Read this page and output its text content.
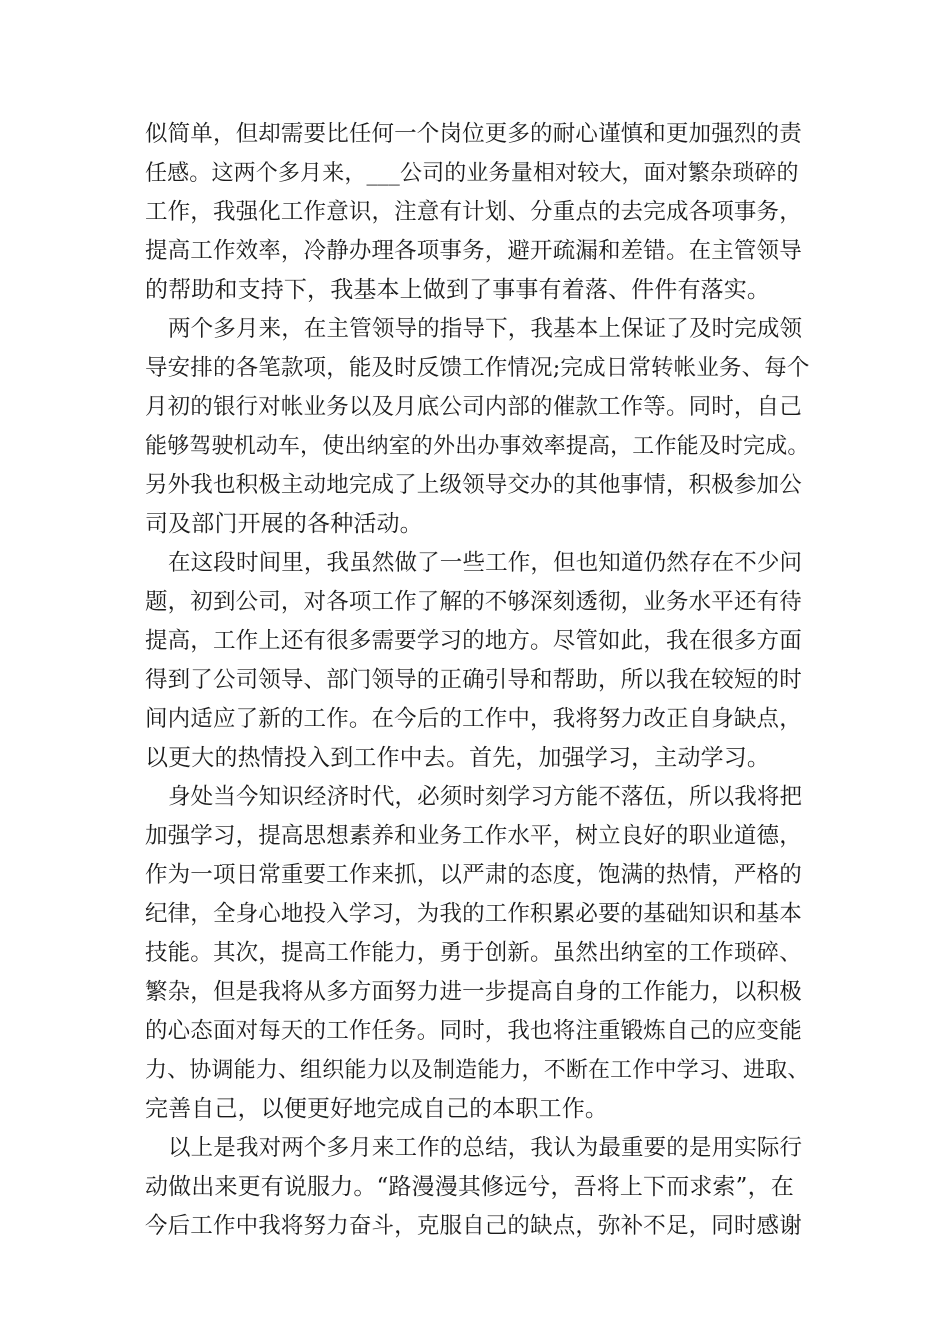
似简单，但却需要比任何一个岗位更多的耐心谨慎和更加强烈的责
任感。这两个多月来，___公司的业务量相对较大，面对繁杂琐碎的
工作，我强化工作意识，注意有计划、分重点的去完成各项事务，
提高工作效率，冷静办理各项事务，避开疏漏和差错。在主管领导
的帮助和支持下，我基本上做到了事事有着落、件件有落实。
两个多月来，在主管领导的指导下，我基本上保证了及时完成领
导安排的各笔款项，能及时反馈工作情况;完成日常转帐业务、每个
月初的银行对帐业务以及月底公司内部的催款工作等。同时，自己
能够驾驶机动车，使出纳室的外出办事效率提高，工作能及时完成。
另外我也积极主动地完成了上级领导交办的其他事情，积极参加公
司及部门开展的各种活动。
在这段时间里，我虽然做了一些工作，但也知道仍然存在不少问
题，初到公司，对各项工作了解的不够深刻透彻，业务水平还有待
提高，工作上还有很多需要学习的地方。尽管如此，我在很多方面
得到了公司领导、部门领导的正确引导和帮助，所以我在较短的时
间内适应了新的工作。在今后的工作中，我将努力改正自身缺点，
以更大的热情投入到工作中去。首先，加强学习，主动学习。
身处当今知识经济时代，必须时刻学习方能不落伍，所以我将把
加强学习，提高思想素养和业务工作水平，树立良好的职业道德，
作为一项日常重要工作来抓，以严肃的态度，饱满的热情，严格的
纪律，全身心地投入学习，为我的工作积累必要的基础知识和基本
技能。其次，提高工作能力，勇于创新。虽然出纳室的工作琐碎、
繁杂，但是我将从多方面努力进一步提高自身的工作能力，以积极
的心态面对每天的工作任务。同时，我也将注重锻炼自己的应变能
力、协调能力、组织能力以及制造能力，不断在工作中学习、进取、
完善自己，以便更好地完成自己的本职工作。
以上是我对两个多月来工作的总结，我认为最重要的是用实际行
动做出来更有说服力。“路漫漫其修远兮，吾将上下而求索”，在
今后工作中我将努力奋斗，克服自己的缺点，弥补不足，同时感谢
